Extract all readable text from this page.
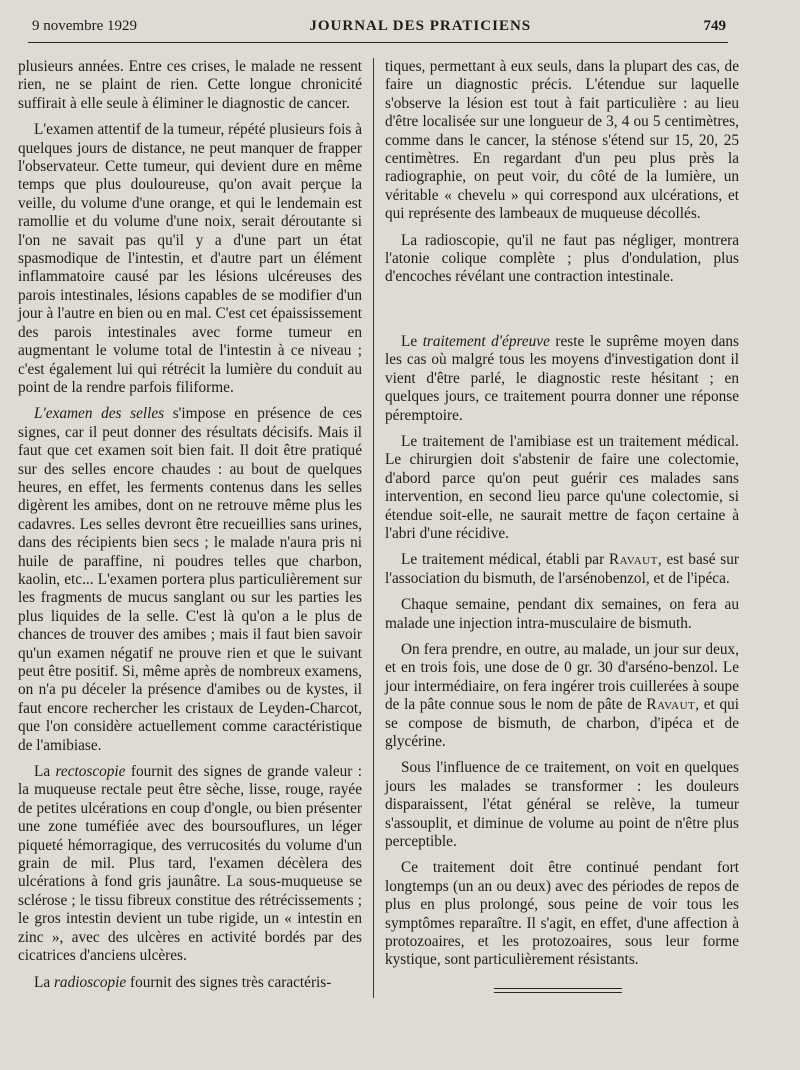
9 novembre 1929	JOURNAL DES PRATICIENS	749

plusieurs années. Entre ces crises, le malade ne ressent rien, ne se plaint de rien. Cette longue chronicité suffirait à elle seule à éliminer le diagnostic de cancer.

L'examen attentif de la tumeur, répété plusieurs fois à quelques jours de distance, ne peut manquer de frapper l'observateur. Cette tumeur, qui devient dure en même temps que plus douloureuse, qu'on avait perçue la veille, du volume d'une orange, et qui le lendemain est ramollie et du volume d'une noix, serait déroutante si l'on ne savait pas qu'il y a d'une part un état spasmodique de l'intestin, et d'autre part un élément inflammatoire causé par les lésions ulcéreuses des parois intestinales, lésions capables de se modifier d'un jour à l'autre en bien ou en mal. C'est cet épaississement des parois intestinales avec forme tumeur en augmentant le volume total de l'intestin à ce niveau ; c'est également lui qui rétrécit la lumière du conduit au point de la rendre parfois filiforme.

L'examen des selles s'impose en présence de ces signes, car il peut donner des résultats décisifs. Mais il faut que cet examen soit bien fait. Il doit être pratiqué sur des selles encore chaudes : au bout de quelques heures, en effet, les ferments contenus dans les selles digèrent les amibes, dont on ne retrouve même plus les cadavres. Les selles devront être recueillies sans urines, dans des récipients bien secs ; le malade n'aura pris ni huile de paraffine, ni poudres telles que charbon, kaolin, etc... L'examen portera plus particulièrement sur les fragments de mucus sanglant ou sur les parties les plus liquides de la selle. C'est là qu'on a le plus de chances de trouver des amibes ; mais il faut bien savoir qu'un examen négatif ne prouve rien et que le suivant peut être positif. Si, même après de nombreux examens, on n'a pu déceler la présence d'amibes ou de kystes, il faut encore rechercher les cristaux de Leyden-Charcot, que l'on considère actuellement comme caractéristique de l'amibiase.

La rectoscopie fournit des signes de grande valeur : la muqueuse rectale peut être sèche, lisse, rouge, rayée de petites ulcérations en coup d'ongle, ou bien présenter une zone tuméfiée avec des boursouflures, un léger piqueté hémorragique, des verrucosités du volume d'un grain de mil. Plus tard, l'examen décèlera des ulcérations à fond gris jaunâtre. La sous-muqueuse se sclérose ; le tissu fibreux constitue des rétrécissements ; le gros intestin devient un tube rigide, un « intestin en zinc », avec des ulcères en activité bordés par des cicatrices d'anciens ulcères.

La radioscopie fournit des signes très caractéris-

tiques, permettant à eux seuls, dans la plupart des cas, de faire un diagnostic précis. L'étendue sur laquelle s'observe la lésion est tout à fait particulière : au lieu d'être localisée sur une longueur de 3, 4 ou 5 centimètres, comme dans le cancer, la sténose s'étend sur 15, 20, 25 centimètres. En regardant d'un peu plus près la radiographie, on peut voir, du côté de la lumière, un véritable « chevelu » qui correspond aux ulcérations, et qui représente des lambeaux de muqueuse décollés.

La radioscopie, qu'il ne faut pas négliger, montrera l'atonie colique complète ; plus d'ondulation, plus d'encoches révélant une contraction intestinale.

Le traitement d'épreuve reste le suprême moyen dans les cas où malgré tous les moyens d'investigation dont il vient d'être parlé, le diagnostic reste hésitant ; en quelques jours, ce traitement pourra donner une réponse péremptoire.

Le traitement de l'amibiase est un traitement médical. Le chirurgien doit s'abstenir de faire une colectomie, d'abord parce qu'on peut guérir ces malades sans intervention, en second lieu parce qu'une colectomie, si étendue soit-elle, ne saurait mettre de façon certaine à l'abri d'une récidive.

Le traitement médical, établi par Ravaut, est basé sur l'association du bismuth, de l'arsénobenzol, et de l'ipéca.

Chaque semaine, pendant dix semaines, on fera au malade une injection intra-musculaire de bismuth.

On fera prendre, en outre, au malade, un jour sur deux, et en trois fois, une dose de 0 gr. 30 d'arséno-benzol. Le jour intermédiaire, on fera ingérer trois cuillerées à soupe de la pâte connue sous le nom de pâte de Ravaut, et qui se compose de bismuth, de charbon, d'ipéca et de glycérine.

Sous l'influence de ce traitement, on voit en quelques jours les malades se transformer : les douleurs disparaissent, l'état général se relève, la tumeur s'assouplit, et diminue de volume au point de n'être plus perceptible.

Ce traitement doit être continué pendant fort longtemps (un an ou deux) avec des périodes de repos de plus en plus prolongé, sous peine de voir tous les symptômes reparaître. Il s'agit, en effet, d'une affection à protozoaires, et les protozoaires, sous leur forme kystique, sont particulièrement résistants.
